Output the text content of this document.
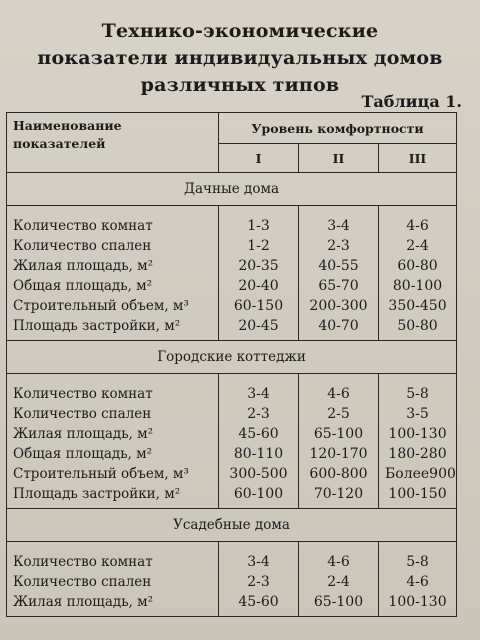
Технико-экономические
показатели индивидуальных домов
различных типов
Таблица 1.
Наименование
показателей	Уровень комфортности		
	I	II	III
Дачные дома			

Количество комнат	1-3	3-4	4-6
Количество спален	1-2	2-3	2-4
Жилая площадь, м²	20-35	40-55	60-80
Общая площадь, м²	20-40	65-70	80-100
Строительный объем, м³	60-150	200-300	350-450
Площадь застройки, м²	20-45	40-70	50-80
Городские коттеджи			

Количество комнат	3-4	4-6	5-8
Количество спален	2-3	2-5	3-5
Жилая площадь, м²	45-60	65-100	100-130
Общая площадь, м²	80-110	120-170	180-280
Строительный объем, м³	300-500	600-800	Более900
Площадь застройки, м²	60-100	70-120	100-150
Усадебные дома			

Количество комнат	3-4	4-6	5-8
Количество спален	2-3	2-4	4-6
Жилая площадь, м²	45-60	65-100	100-130
